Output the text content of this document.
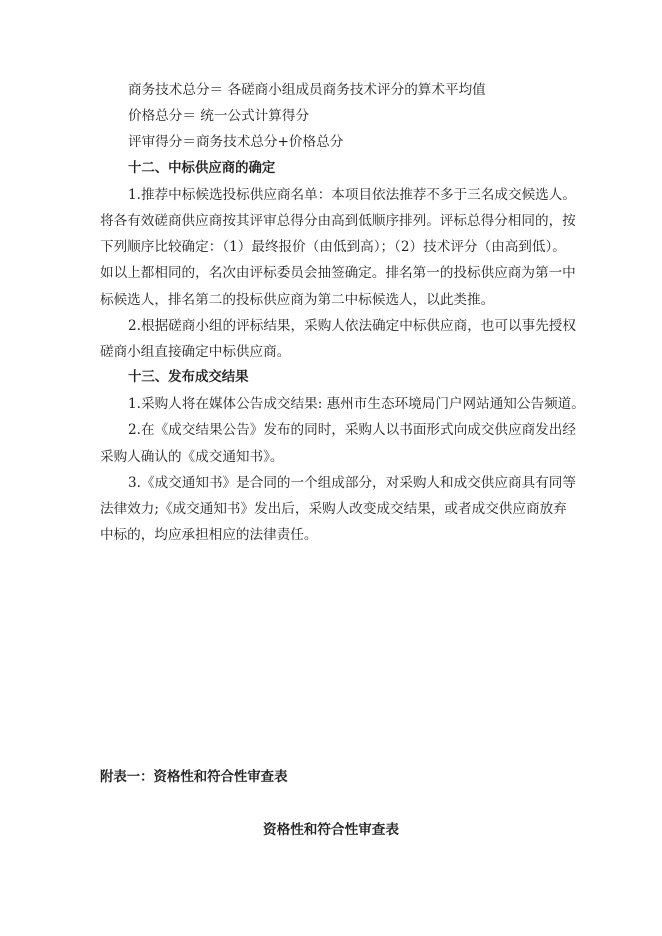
商务技术总分＝ 各磋商小组成员商务技术评分的算术平均值
价格总分＝ 统一公式计算得分
评审得分＝商务技术总分+价格总分
十二、中标供应商的确定
1.推荐中标候选投标供应商名单：本项目依法推荐不多于三名成交候选人。
将各有效磋商供应商按其评审总得分由高到低顺序排列。评标总得分相同的，按
下列顺序比较确定：（1）最终报价（由低到高）；（2）技术评分（由高到低）。
如以上都相同的，名次由评标委员会抽签确定。排名第一的投标供应商为第一中
标候选人，排名第二的投标供应商为第二中标候选人，以此类推。
2.根据磋商小组的评标结果，采购人依法确定中标供应商，也可以事先授权
磋商小组直接确定中标供应商。
十三、发布成交结果
1.采购人将在媒体公告成交结果: 惠州市生态环境局门户网站通知公告频道。
2.在《成交结果公告》发布的同时，采购人以书面形式向成交供应商发出经
采购人确认的《成交通知书》。
3.《成交通知书》是合同的一个组成部分，对采购人和成交供应商具有同等
法律效力;《成交通知书》发出后，采购人改变成交结果，或者成交供应商放弃
中标的，均应承担相应的法律责任。
附表一：资格性和符合性审查表
资格性和符合性审查表
